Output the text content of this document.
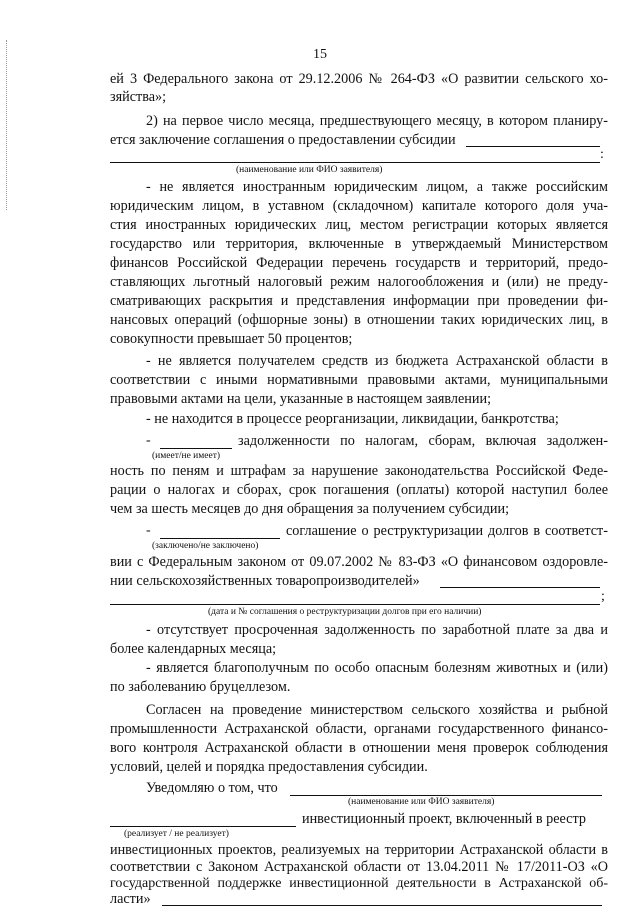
15
ей 3 Федерального закона от 29.12.2006 № 264-ФЗ «О развитии сельского хо-
зяйства»;
2) на первое число месяца, предшествующего месяцу, в котором планиру-
ется заключение соглашения о предоставлении субсидии
:
(наименование или ФИО заявителя)
- не является иностранным юридическим лицом, а также российским
юридическим лицом, в уставном (складочном) капитале которого доля уча-
стия иностранных юридических лиц, местом регистрации которых является
государство или территория, включенные в утверждаемый Министерством
финансов Российской Федерации перечень государств и территорий, предо-
ставляющих льготный налоговый режим налогообложения и (или) не преду-
сматривающих раскрытия и представления информации при проведении фи-
нансовых операций (офшорные зоны) в отношении таких юридических лиц, в
совокупности превышает 50 процентов;
- не является получателем средств из бюджета Астраханской области в
соответствии с иными нормативными правовыми актами, муниципальными
правовыми актами на цели, указанные в настоящем заявлении;
- не находится в процессе реорганизации, ликвидации, банкротства;
-	задолженности по налогам, сборам, включая задолжен-
(имеет/не имеет)
ность по пеням и штрафам за нарушение законодательства Российской Феде-
рации о налогах и сборах, срок погашения (оплаты) которой наступил более
чем за шесть месяцев до дня обращения за получением субсидии;
-	соглашение о реструктуризации долгов в соответст-
(заключено/не заключено)
вии с Федеральным законом от 09.07.2002 № 83-ФЗ «О финансовом оздоровле-
нии сельскохозяйственных товаропроизводителей»
;
(дата и № соглашения о реструктуризации долгов при его наличии)
- отсутствует просроченная задолженность по заработной плате за два и
более календарных месяца;
- является благополучным по особо опасным болезням животных и (или)
по заболеванию бруцеллезом.
Согласен на проведение министерством сельского хозяйства и рыбной
промышленности Астраханской области, органами государственного финансо-
вого контроля Астраханской области в отношении меня проверок соблюдения
условий, целей и порядка предоставления субсидии.
Уведомляю о том, что
(наименование или ФИО заявителя)
инвестиционный проект, включенный в реестр
(реализует / не реализует)
инвестиционных проектов, реализуемых на территории Астраханской области в
соответствии с Законом Астраханской области от 13.04.2011 № 17/2011-ОЗ «О
государственной поддержке инвестиционной деятельности в Астраханской об-
ласти»
